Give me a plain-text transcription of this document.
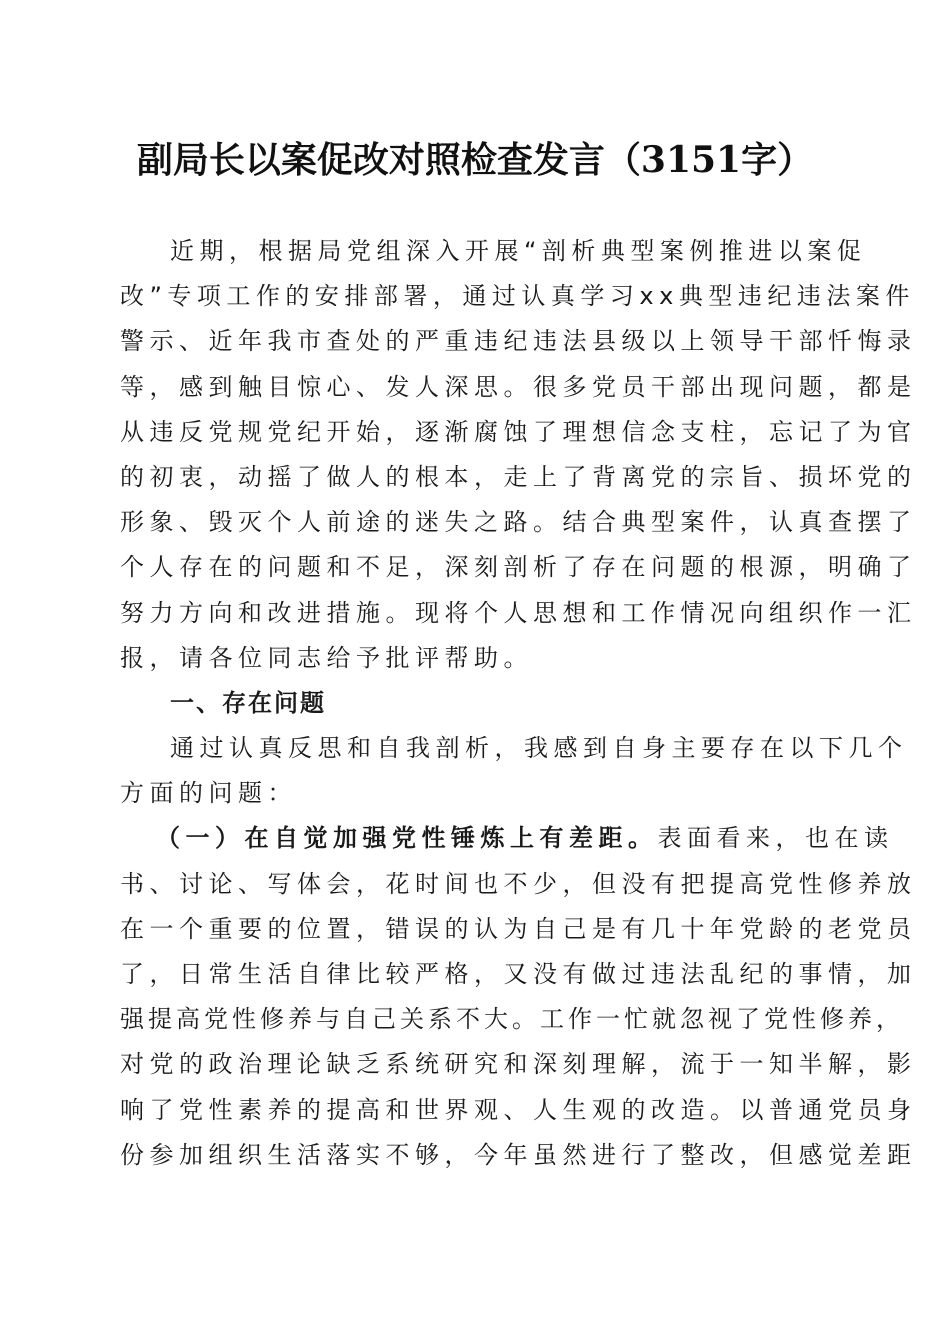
副局长以案促改对照检查发言（3151字）
近期，根据局党组深入开展“剖析典型案例推进以案促
改”专项工作的安排部署，通过认真学习xx典型违纪违法案件
警示、近年我市查处的严重违纪违法县级以上领导干部忏悔录
等，感到触目惊心、发人深思。很多党员干部出现问题，都是
从违反党规党纪开始，逐渐腐蚀了理想信念支柱，忘记了为官
的初衷，动摇了做人的根本，走上了背离党的宗旨、损坏党的
形象、毁灭个人前途的迷失之路。结合典型案件，认真查摆了
个人存在的问题和不足，深刻剖析了存在问题的根源，明确了
努力方向和改进措施。现将个人思想和工作情况向组织作一汇
报，请各位同志给予批评帮助。
一、存在问题
通过认真反思和自我剖析，我感到自身主要存在以下几个
方面的问题：
（一）在自觉加强党性锤炼上有差距。表面看来，也在读
书、讨论、写体会，花时间也不少，但没有把提高党性修养放
在一个重要的位置，错误的认为自己是有几十年党龄的老党员
了，日常生活自律比较严格，又没有做过违法乱纪的事情，加
强提高党性修养与自己关系不大。工作一忙就忽视了党性修养，
对党的政治理论缺乏系统研究和深刻理解，流于一知半解，影
响了党性素养的提高和世界观、人生观的改造。以普通党员身
份参加组织生活落实不够，今年虽然进行了整改，但感觉差距
